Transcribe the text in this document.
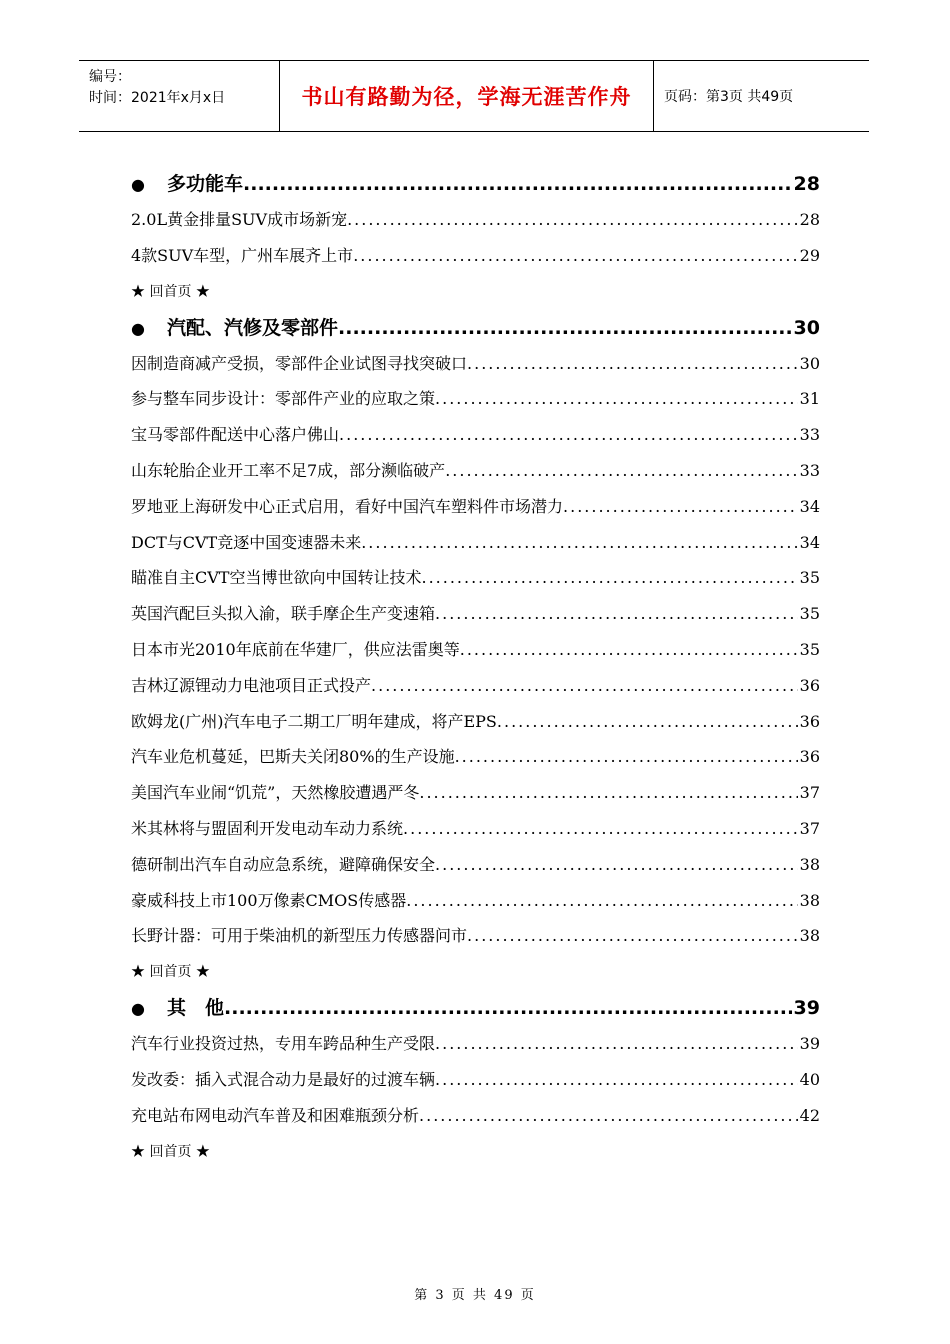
编号：
时间：2021年x月x日	书山有路勤为径，学海无涯苦作舟	页码：第3页 共49页
●	多功能车 .....	28
2.0L黄金排量SUV成市场新宠 .....	28
4款SUV车型，广州车展齐上市 .....	29
★ 回首页 ★
●	汽配、汽修及零部件 .....	30
因制造商减产受损，零部件企业试图寻找突破口 .....	30
参与整车同步设计：零部件产业的应取之策 .....	31
宝马零部件配送中心落户佛山 .....	33
山东轮胎企业开工率不足7成，部分濒临破产 .....	33
罗地亚上海研发中心正式启用，看好中国汽车塑料件市场潜力 .....	34
DCT与CVT竞逐中国变速器未来 .....	34
瞄准自主CVT空当博世欲向中国转让技术 .....	35
英国汽配巨头拟入渝，联手摩企生产变速箱 .....	35
日本市光2010年底前在华建厂，供应法雷奥等 .....	35
吉林辽源锂动力电池项目正式投产 .....	36
欧姆龙(广州)汽车电子二期工厂明年建成，将产EPS .....	36
汽车业危机蔓延，巴斯夫关闭80%的生产设施 .....	36
美国汽车业闹“饥荒”，天然橡胶遭遇严冬 .....	37
米其林将与盟固利开发电动车动力系统 .....	37
德研制出汽车自动应急系统，避障确保安全 .....	38
豪威科技上市100万像素CMOS传感器 .....	38
长野计器：可用于柴油机的新型压力传感器问市 .....	38
★ 回首页 ★
●	其　他 .....	39
汽车行业投资过热，专用车跨品种生产受限 .....	39
发改委：插入式混合动力是最好的过渡车辆 .....	40
充电站布网电动汽车普及和困难瓶颈分析 .....	42
★ 回首页 ★
第 3 页 共 49 页
